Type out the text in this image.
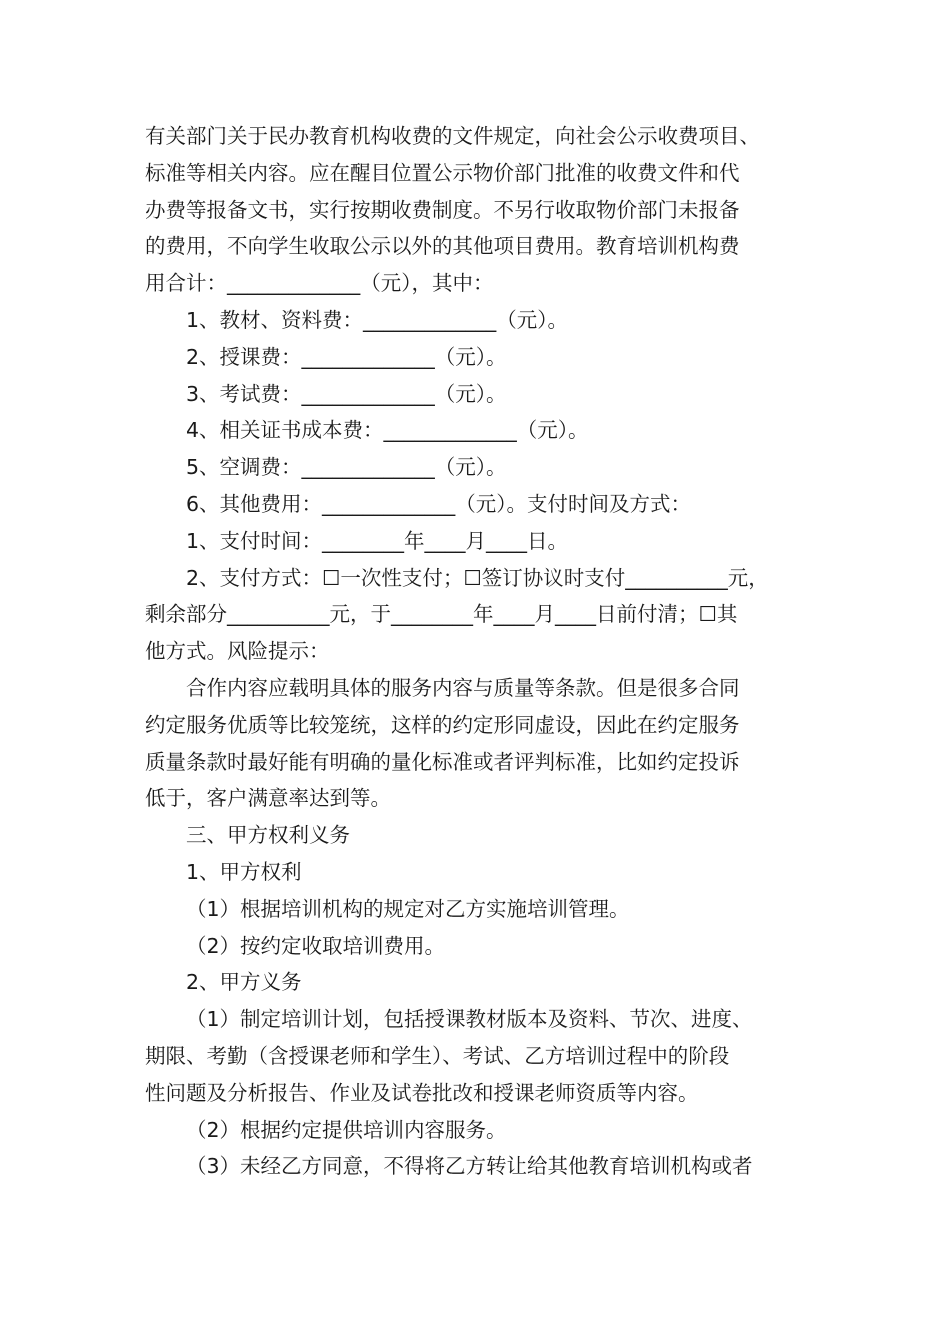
有关部门关于民办教育机构收费的文件规定，向社会公示收费项目、
标准等相关内容。应在醒目位置公示物价部门批准的收费文件和代
办费等报备文书，实行按期收费制度。不另行收取物价部门未报备
的费用，不向学生收取公示以外的其他项目费用。教育培训机构费
用合计：_____________（元），其中：
1、教材、资料费：_____________（元）。
2、授课费：_____________（元）。
3、考试费：_____________（元）。
4、相关证书成本费：_____________（元）。
5、空调费：_____________（元）。
6、其他费用：_____________（元）。支付时间及方式：
1、支付时间：________年____月____日。
2、支付方式：☐一次性支付；☐签订协议时支付__________元，
剩余部分__________元，于________年____月____日前付清；☐其
他方式。风险提示：
合作内容应载明具体的服务内容与质量等条款。但是很多合同
约定服务优质等比较笼统，这样的约定形同虚设，因此在约定服务
质量条款时最好能有明确的量化标准或者评判标准，比如约定投诉
低于，客户满意率达到等。
三、甲方权利义务
1、甲方权利
（1）根据培训机构的规定对乙方实施培训管理。
（2）按约定收取培训费用。
2、甲方义务
（1）制定培训计划，包括授课教材版本及资料、节次、进度、
期限、考勤（含授课老师和学生）、考试、乙方培训过程中的阶段
性问题及分析报告、作业及试卷批改和授课老师资质等内容。
（2）根据约定提供培训内容服务。
（3）未经乙方同意，不得将乙方转让给其他教育培训机构或者
